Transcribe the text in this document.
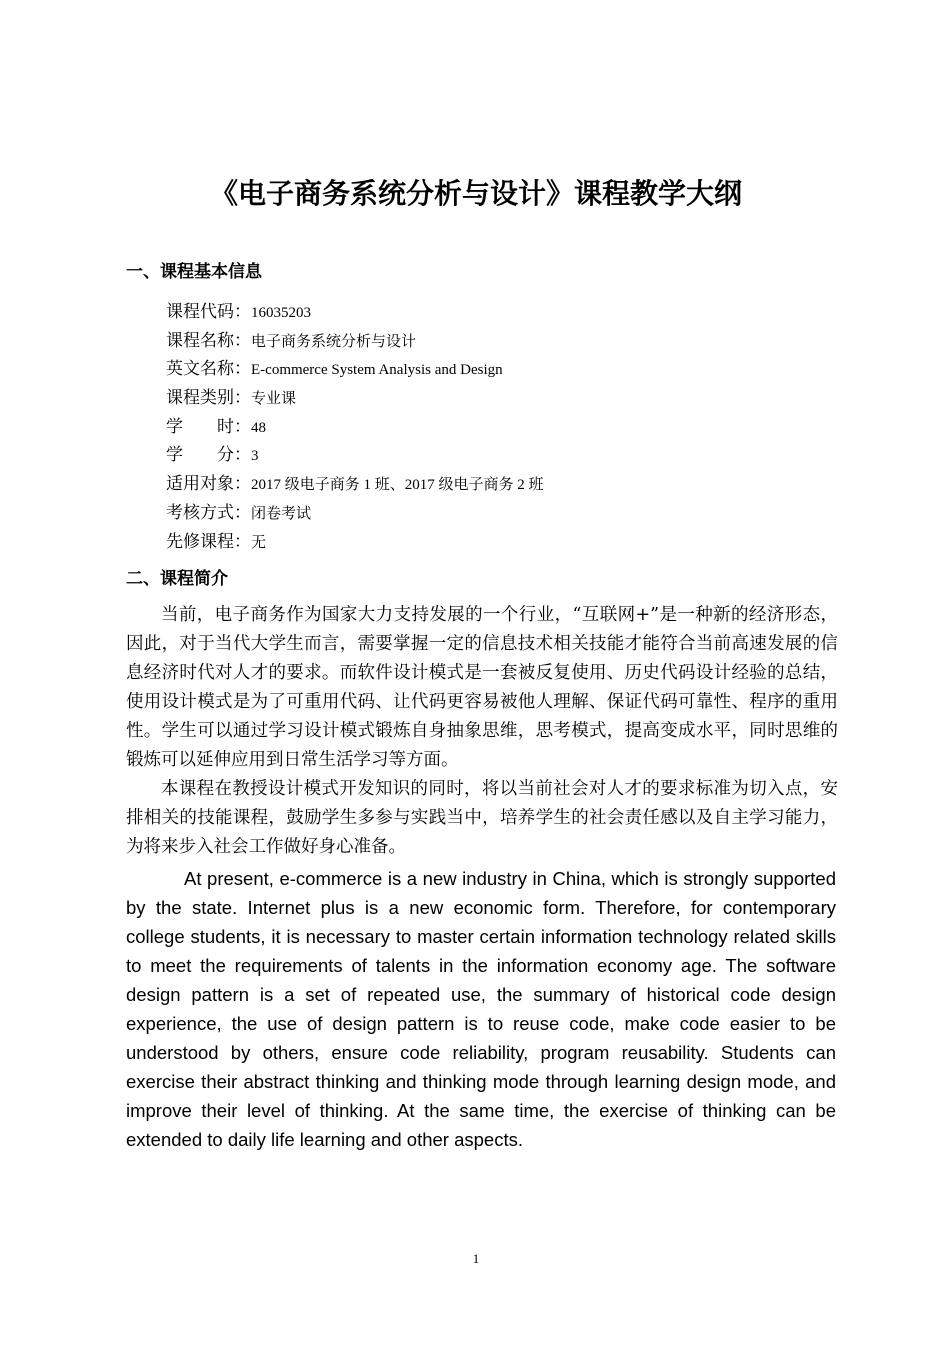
《电子商务系统分析与设计》课程教学大纲
一、课程基本信息
课程代码：16035203
课程名称：电子商务系统分析与设计
英文名称：E-commerce System Analysis and Design
课程类别：专业课
学　　时：48
学　　分：3
适用对象：2017 级电子商务 1 班、2017 级电子商务 2 班
考核方式：闭卷考试
先修课程：无
二、课程简介

当前，电子商务作为国家大力支持发展的一个行业，“互联网+”是一种新的经济形态，因此，对于当代大学生而言，需要掌握一定的信息技术相关技能才能符合当前高速发展的信息经济时代对人才的要求。而软件设计模式是一套被反复使用、历史代码设计经验的总结，使用设计模式是为了可重用代码、让代码更容易被他人理解、保证代码可靠性、程序的重用性。学生可以通过学习设计模式锻炼自身抽象思维，思考模式，提高变成水平，同时思维的锻炼可以延伸应用到日常生活学习等方面。

本课程在教授设计模式开发知识的同时，将以当前社会对人才的要求标准为切入点，安排相关的技能课程，鼓励学生多参与实践当中，培养学生的社会责任感以及自主学习能力，为将来步入社会工作做好身心准备。

At present, e-commerce is a new industry in China, which is strongly supported by the state. Internet plus is a new economic form. Therefore, for contemporary college students, it is necessary to master certain information technology related skills to meet the requirements of talents in the information economy age. The software design pattern is a set of repeated use, the summary of historical code design experience, the use of design pattern is to reuse code, make code easier to be understood by others, ensure code reliability, program reusability. Students can exercise their abstract thinking and thinking mode through learning design mode, and improve their level of thinking. At the same time, the exercise of thinking can be extended to daily life learning and other aspects.

1
